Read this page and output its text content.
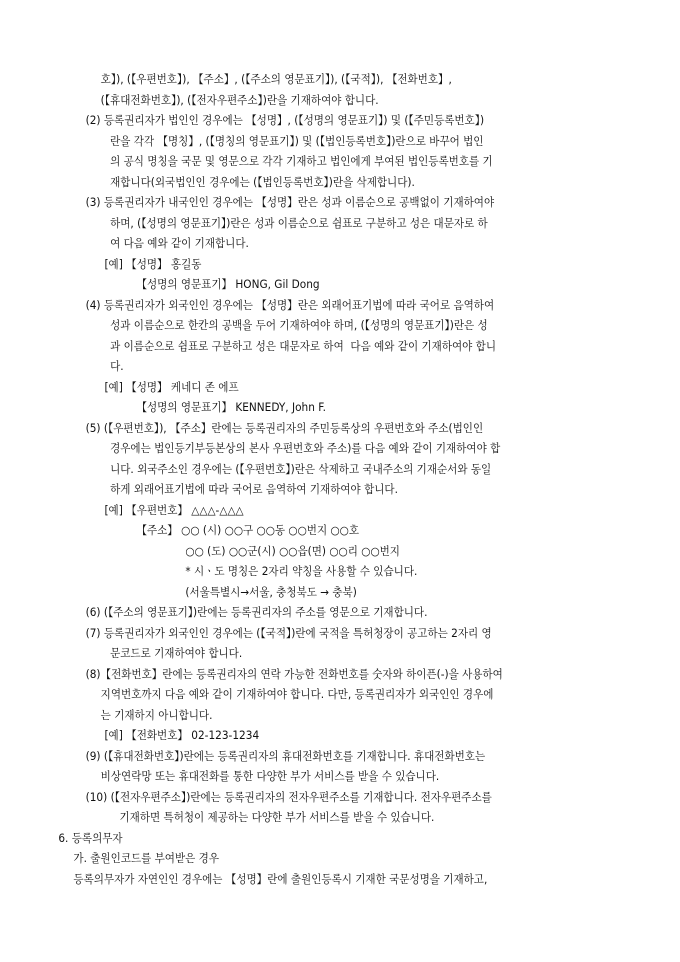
호】), (【우편번호】), 【주소】, (【주소의 영문표기】), (【국적】), 【전화번호】,
(【휴대전화번호】), (【전자우편주소】)란을 기재하여야 합니다.
(2) 등록권리자가 법인인 경우에는 【성명】, (【성명의 영문표기】) 및 (【주민등록번호】)
란을 각각 【명칭】, (【명칭의 영문표기】) 및 (【법인등록번호】)란으로 바꾸어 법인
의 공식 명칭을 국문 및 영문으로 각각 기재하고 법인에게 부여된 법인등록번호를 기
재합니다(외국법인인 경우에는 (【법인등록번호】)란을 삭제합니다).
(3) 등록권리자가 내국인인 경우에는 【성명】란은 성과 이름순으로 공백없이 기재하여야
하며, (【성명의 영문표기】)란은 성과 이름순으로 쉼표로 구분하고 성은 대문자로 하
여 다음 예와 같이 기재합니다.
[예] 【성명】 홍길동
【성명의 영문표기】 HONG, Gil Dong
(4) 등록권리자가 외국인인 경우에는 【성명】란은 외래어표기법에 따라 국어로 음역하여
성과 이름순으로 한칸의 공백을 두어 기재하여야 하며, (【성명의 영문표기】)란은 성
과 이름순으로 쉼표로 구분하고 성은 대문자로 하여  다음 예와 같이 기재하여야 합니
다.
[예] 【성명】 케네디 존 에프
【성명의 영문표기】 KENNEDY, John F.
(5) (【우편번호】), 【주소】란에는 등록권리자의 주민등록상의 우편번호와 주소(법인인
경우에는 법인등기부등본상의 본사 우편번호와 주소)를 다음 예와 같이 기재하여야 합
니다. 외국주소인 경우에는 (【우편번호】)란은 삭제하고 국내주소의 기재순서와 동일
하게 외래어표기법에 따라 국어로 음역하여 기재하여야 합니다.
[예] 【우편번호】 △△△-△△△
【주소】 ○○ (시) ○○구 ○○동 ○○번지 ○○호
○○ (도) ○○군(시) ○○읍(면) ○○리 ○○번지
* 시ㆍ도 명칭은 2자리 약칭을 사용할 수 있습니다.
(서울특별시→서울, 충청북도 → 충북)
(6) (【주소의 영문표기】)란에는 등록권리자의 주소를 영문으로 기재합니다.
(7) 등록권리자가 외국인인 경우에는 (【국적】)란에 국적을 특허청장이 공고하는 2자리 영
문코드로 기재하여야 합니다.
(8)【전화번호】란에는 등록권리자의 연락 가능한 전화번호를 숫자와 하이픈(-)을 사용하여
지역번호까지 다음 예와 같이 기재하여야 합니다. 다만, 등록권리자가 외국인인 경우에
는 기재하지 아니합니다.
[예] 【전화번호】 02-123-1234
(9) (【휴대전화번호】)란에는 등록권리자의 휴대전화번호를 기재합니다. 휴대전화번호는
비상연락망 또는 휴대전화를 통한 다양한 부가 서비스를 받을 수 있습니다.
(10) (【전자우편주소】)란에는 등록권리자의 전자우편주소를 기재합니다. 전자우편주소를
기재하면 특허청이 제공하는 다양한 부가 서비스를 받을 수 있습니다.
6. 등록의무자
가. 출원인코드를 부여받은 경우
등록의무자가 자연인인 경우에는 【성명】란에 출원인등록시 기재한 국문성명을 기재하고,
